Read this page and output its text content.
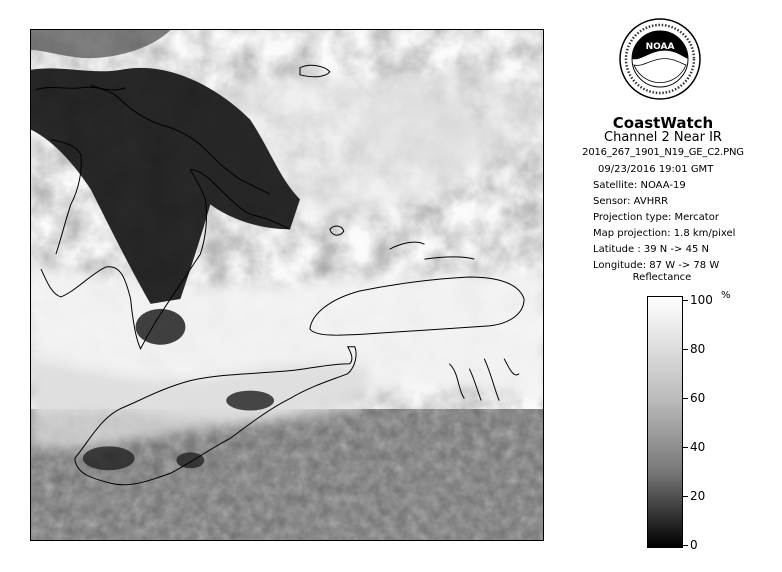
NOAA
CoastWatch
Channel 2 Near IR
2016_267_1901_N19_GE_C2.PNG
09/23/2016 19:01 GMT
Satellite: NOAA-19
Sensor: AVHRR
Projection type: Mercator
Map projection: 1.8 km/pixel
Latitude : 39 N -> 45 N
Longitude: 87 W -> 78 W
Reflectance
%
100
80
60
40
20
0
